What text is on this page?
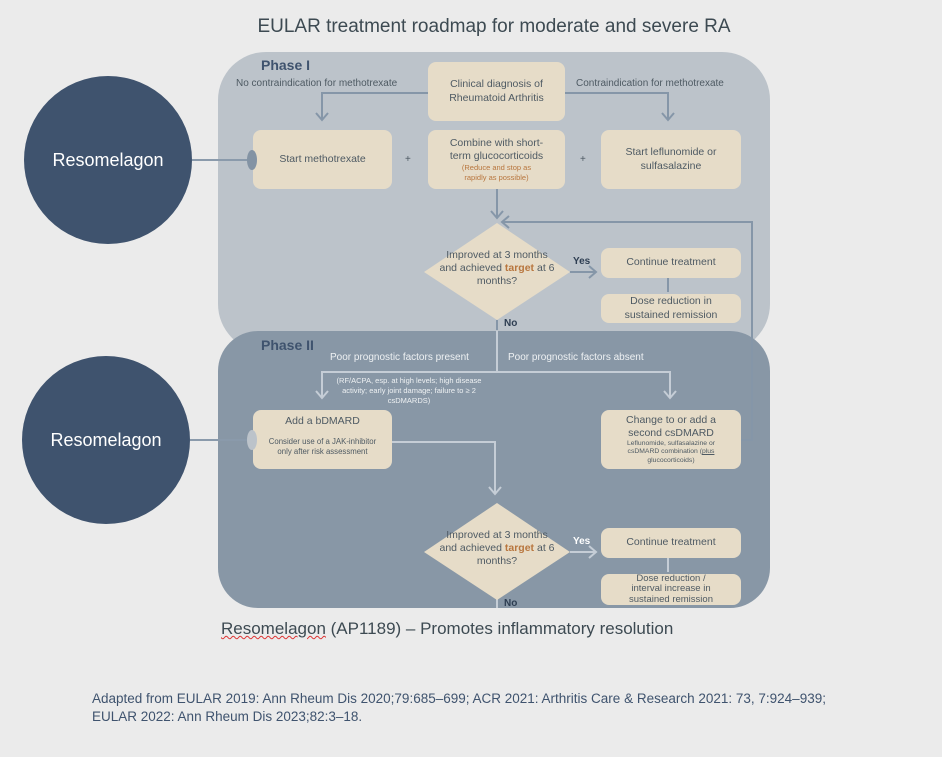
EULAR treatment roadmap for moderate and severe RA
Resomelagon
Resomelagon
Phase I
No contraindication for methotrexate	Contraindication for methotrexate
Clinical diagnosis of Rheumatoid Arthritis
Start methotrexate	+
Combine with short-term glucocorticoids
(Reduce and stop as rapidly as possible)
+
Start leflunomide or sulfasalazine
Improved at 3 months and achieved target at 6 months?
Yes
No
Continue treatment
Dose reduction in sustained remission
Phase II
Poor prognostic factors present	Poor prognostic factors absent
(RF/ACPA, esp. at high levels; high disease activity; early joint damage; failure to ≥ 2 csDMARDS)
Add a bDMARD
Consider use of a JAK-inhibitor only after risk assessment
Change to or add a second csDMARD
Leflunomide, sulfasalazine or csDMARD combination (plus glucocorticoids)
Improved at 3 months and achieved target at 6 months?
Yes
No
Continue treatment
Dose reduction / interval increase in sustained remission
Resomelagon (AP1189) – Promotes inflammatory resolution
Adapted from EULAR 2019: Ann Rheum Dis 2020;79:685–699; ACR 2021: Arthritis Care & Research 2021: 73, 7:924–939;
EULAR 2022: Ann Rheum Dis 2023;82:3–18.
